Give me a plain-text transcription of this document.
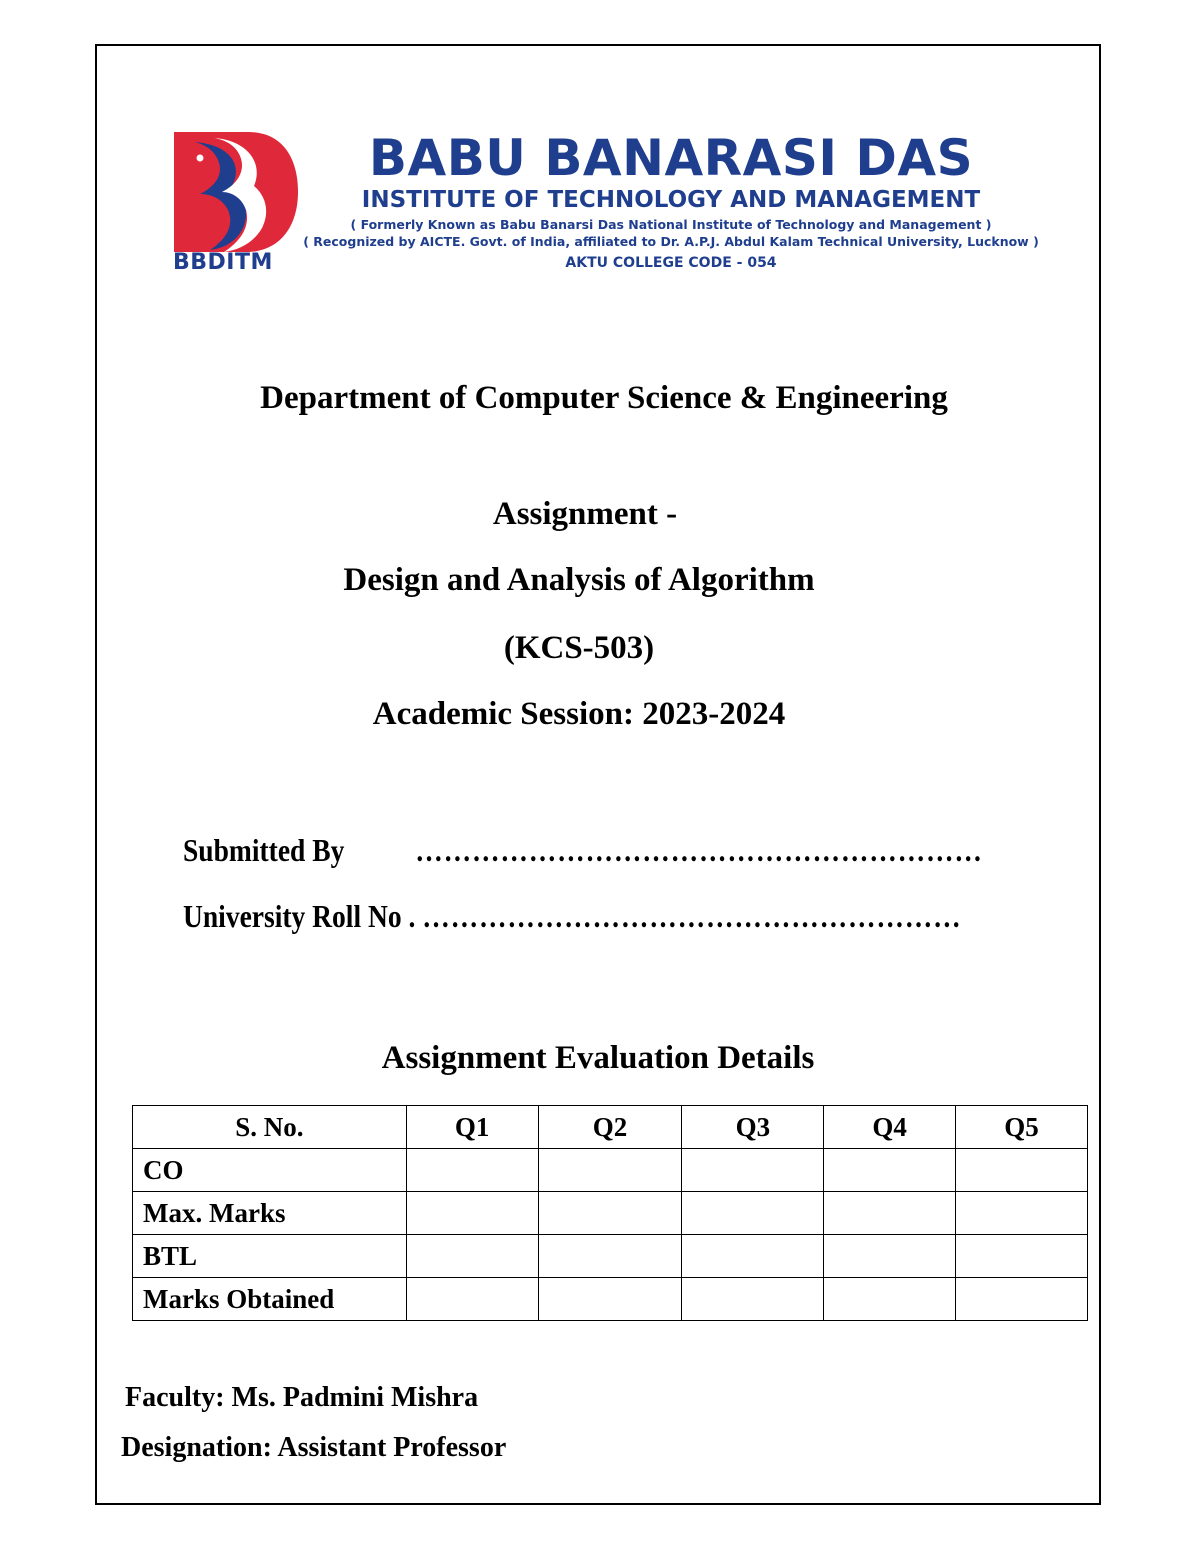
BBDITM
BABU BANARASI DAS
INSTITUTE OF TECHNOLOGY AND MANAGEMENT
( Formerly Known as Babu Banarsi Das National Institute of Technology and Management )
( Recognized by AICTE. Govt. of India, affiliated to Dr. A.P.J. Abdul Kalam Technical University, Lucknow )
AKTU COLLEGE CODE - 054
Department of Computer Science & Engineering
Assignment -
Design and Analysis of Algorithm
(KCS-503)
Academic Session: 2023-2024
Submitted By ……………………………………………………
University Roll No . …………………………………………………
Assignment Evaluation Details
S. No.	Q1	Q2	Q3	Q4	Q5
CO					
Max. Marks					
BTL					
Marks Obtained					
Faculty: Ms. Padmini Mishra
Designation: Assistant Professor
